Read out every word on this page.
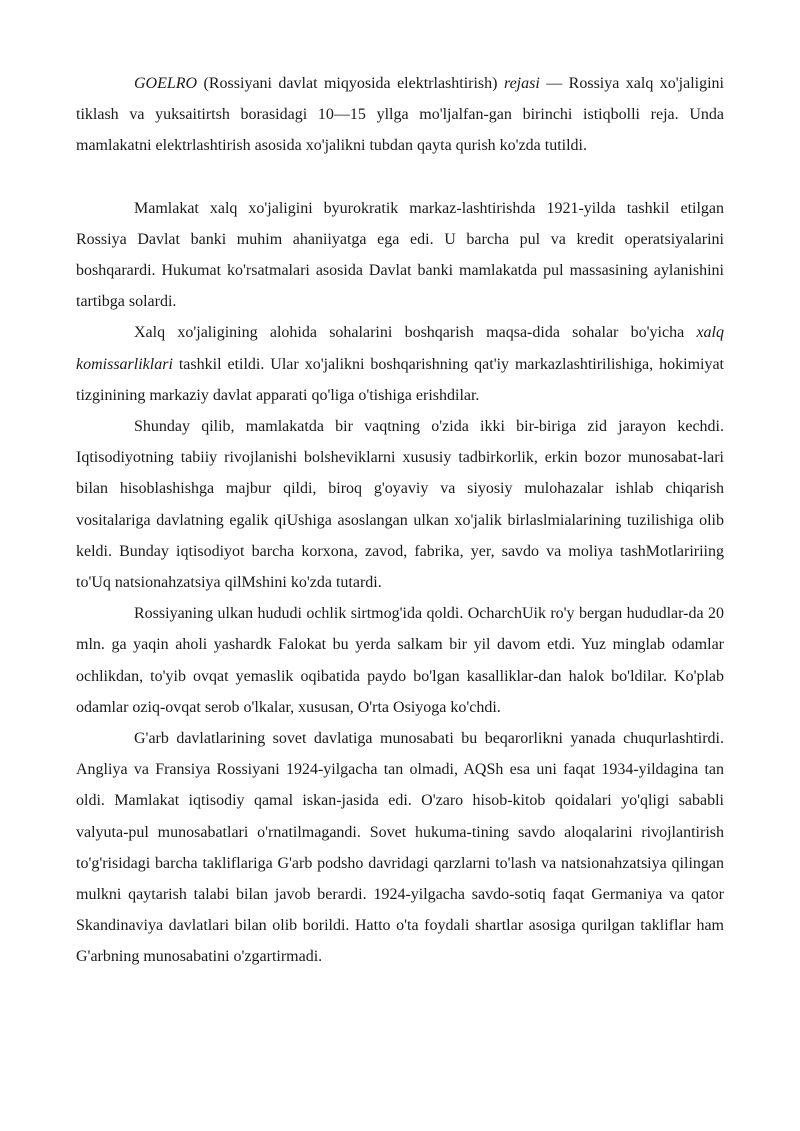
GOELRO (Rossiyani davlat miqyosida elektrlashtirish) rejasi — Rossiya xalq xo'jaligini tiklash va yuksaitirtsh borasidagi 10—15 yllga mo'ljalfan-gan birinchi istiqbolli reja. Unda mamlakatni elektrlashtirish asosida xo'jalikni tubdan qayta qurish ko'zda tutildi.

Mamlakat xalq xo'jaligini byurokratik markaz-lashtirishda 1921-yilda tashkil etilgan Rossiya Davlat banki muhim ahaniiyatga ega edi. U barcha pul va kredit operatsiyalarini boshqarardi. Hukumat ko'rsatmalari asosida Davlat banki mamlakatda pul massasining aylanishini tartibga solardi.

Xalq xo'jaligining alohida sohalarini boshqarish maqsa-dida sohalar bo'yicha xalq komissarliklari tashkil etildi. Ular xo'jalikni boshqarishning qat'iy markazlashtirilishiga, hokimiyat tizginining markaziy davlat apparati qo'liga o'tishiga erishdilar.

Shunday qilib, mamlakatda bir vaqtning o'zida ikki bir-biriga zid jarayon kechdi. Iqtisodiyotning tabiiy rivojlanishi bolsheviklarni xususiy tadbirkorlik, erkin bozor munosabat-lari bilan hisoblashishga majbur qildi, biroq g'oyaviy va siyosiy mulohazalar ishlab chiqarish vositalariga davlatning egalik qiUshiga asoslangan ulkan xo'jalik birlaslmialarining tuzilishiga olib keldi. Bunday iqtisodiyot barcha korxona, zavod, fabrika, yer, savdo va moliya tashMotlaririing to'Uq natsionahzatsiya qilMshini ko'zda tutardi.

Rossiyaning ulkan hududi ochlik sirtmog'ida qoldi. OcharchUik ro'y bergan hududlar-da 20 mln. ga yaqin aholi yashardk Falokat bu yerda salkam bir yil davom etdi. Yuz minglab odamlar ochlikdan, to'yib ovqat yemaslik oqibatida paydo bo'lgan kasalliklar-dan halok bo'ldilar. Ko'plab odamlar oziq-ovqat serob o'lkalar, xususan, O'rta Osiyoga ko'chdi.

G'arb davlatlarining sovet davlatiga munosabati bu beqarorlikni yanada chuqurlashtirdi. Angliya va Fransiya Rossiyani 1924-yilgacha tan olmadi, AQSh esa uni faqat 1934-yildagina tan oldi. Mamlakat iqtisodiy qamal iskan-jasida edi. O'zaro hisob-kitob qoidalari yo'qligi sababli valyuta-pul munosabatlari o'rnatilmagandi. Sovet hukuma-tining savdo aloqalarini rivojlantirish to'g'risidagi barcha takliflariga G'arb podsho davridagi qarzlarni to'lash va natsionahzatsiya qilingan mulkni qaytarish talabi bilan javob berardi. 1924-yilgacha savdo-sotiq faqat Germaniya va qator Skandinaviya davlatlari bilan olib borildi. Hatto o'ta foydali shartlar asosiga qurilgan takliflar ham G'arbning munosabatini o'zgartirmadi.
